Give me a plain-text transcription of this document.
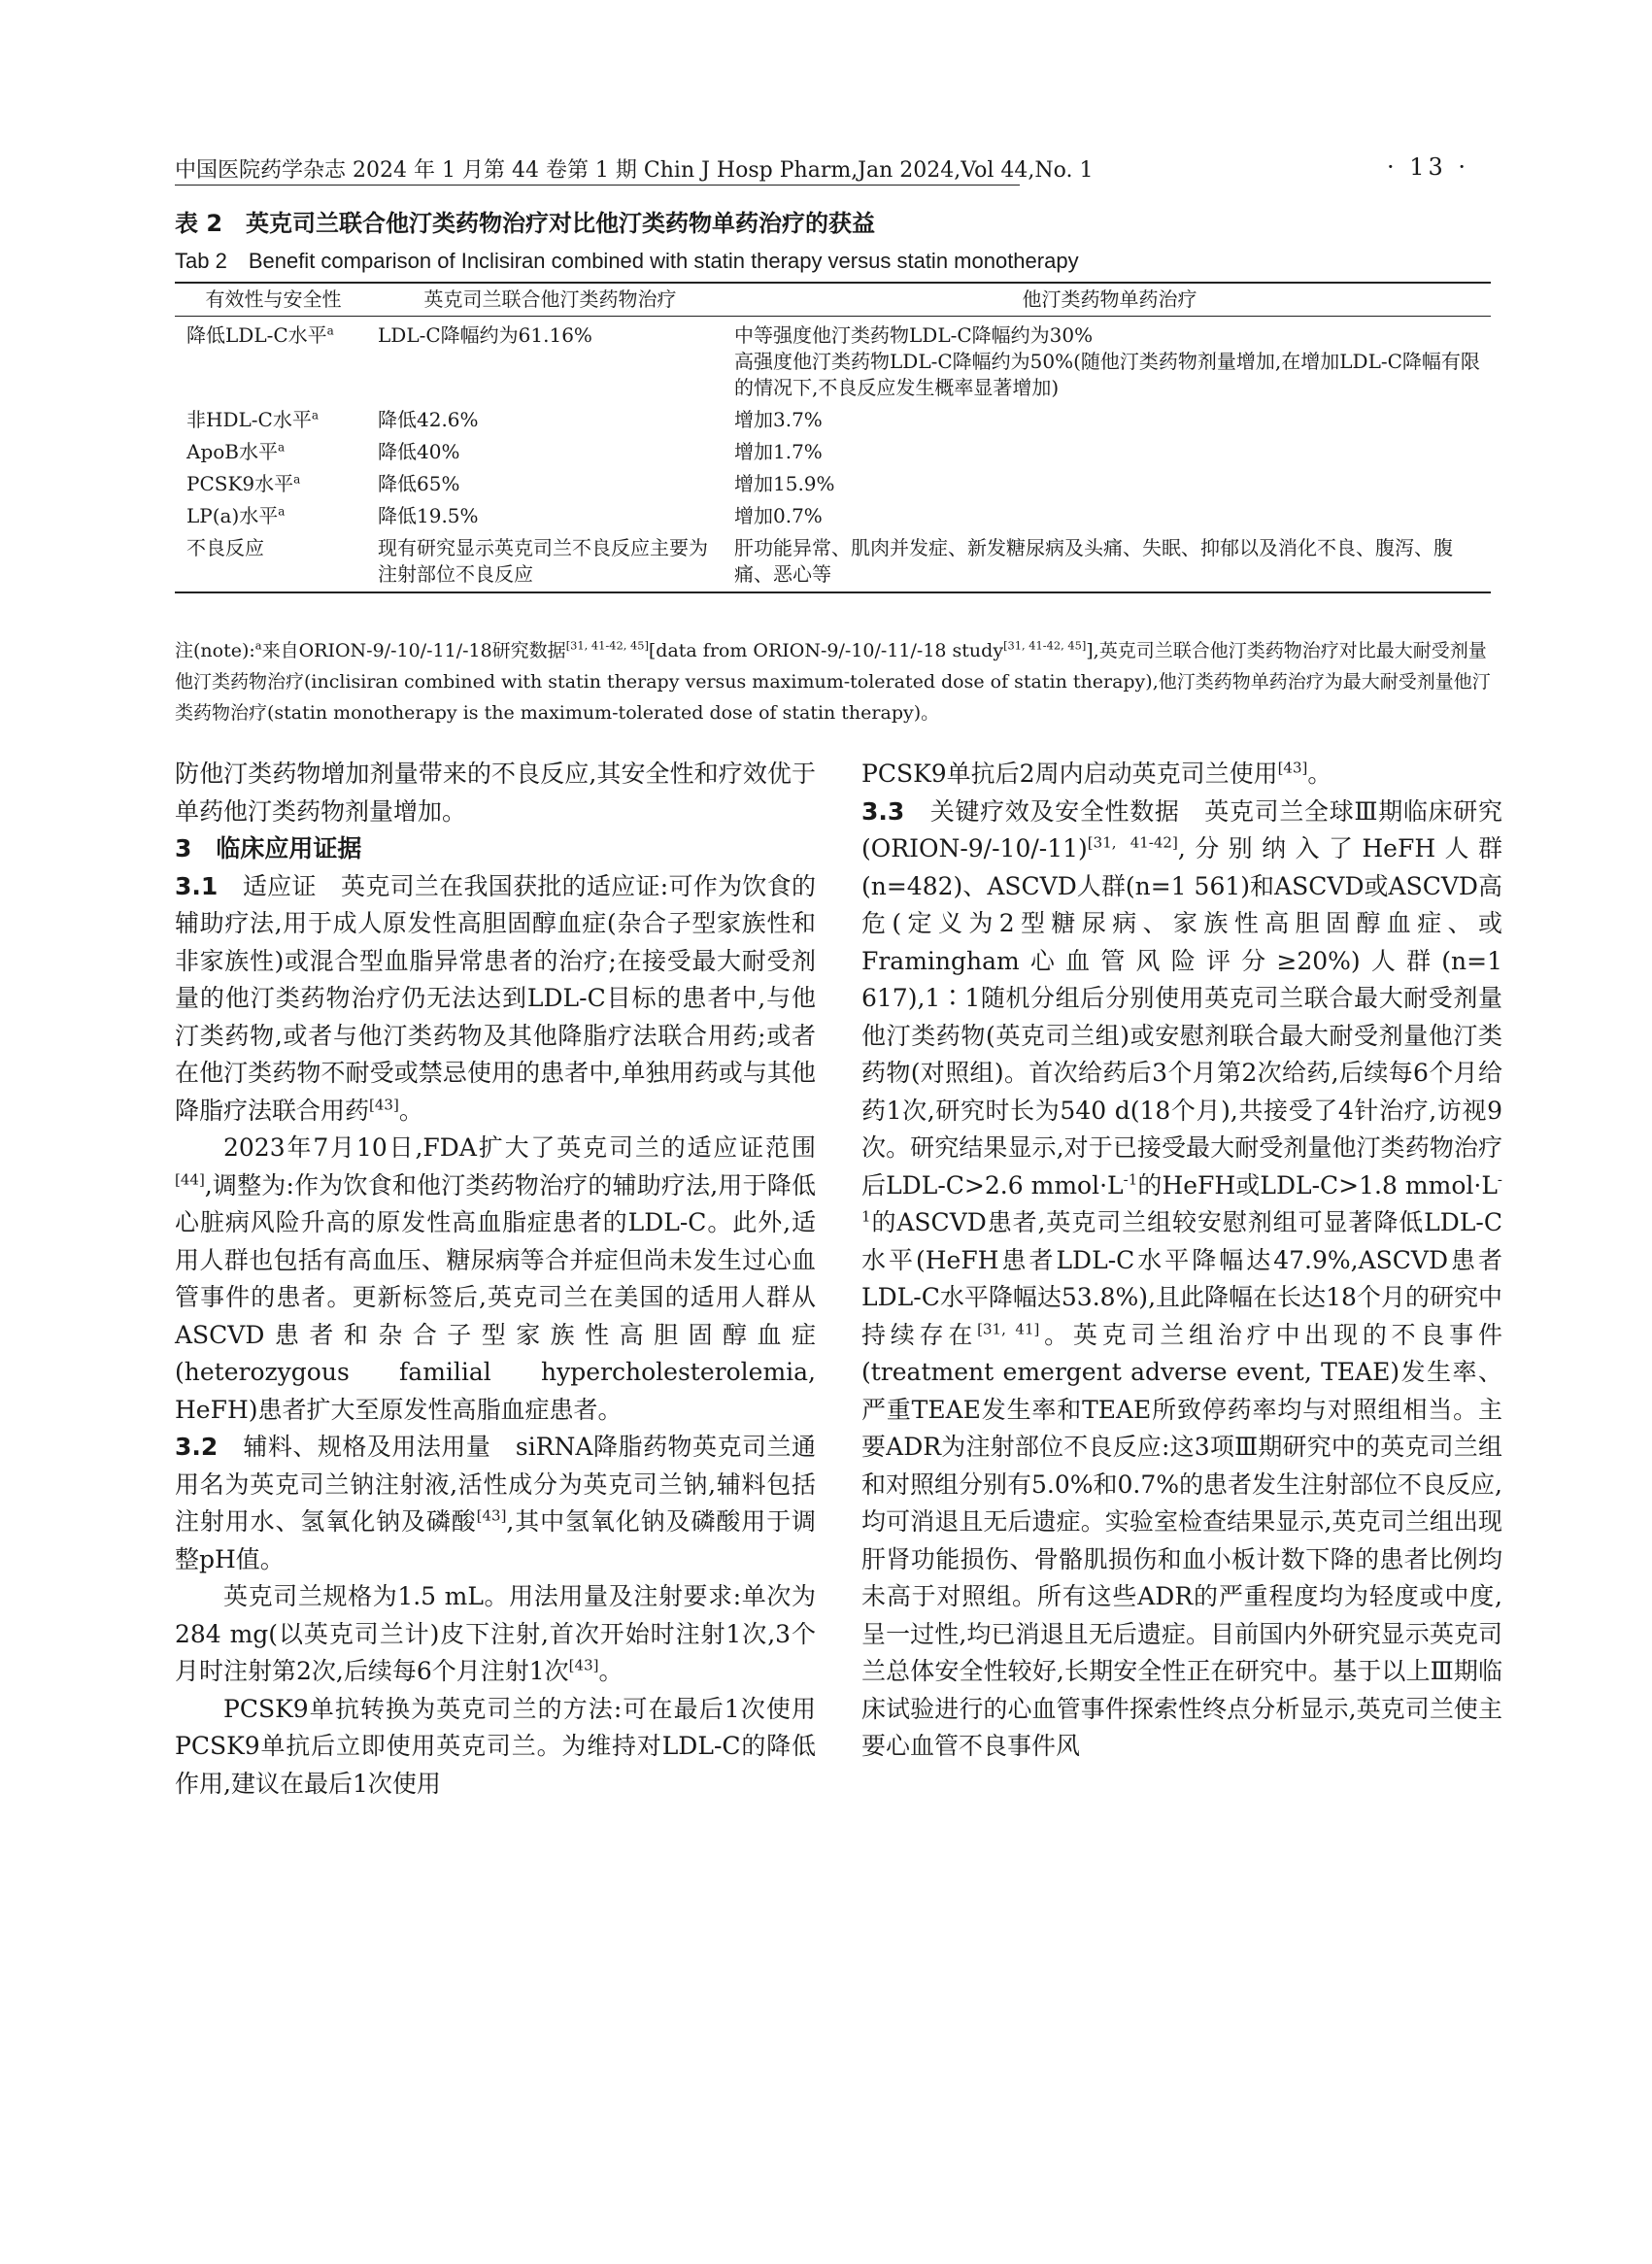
中国医院药学杂志 2024 年 1 月第 44 卷第 1 期 Chin J Hosp Pharm,Jan 2024,Vol 44,No. 1	· 13 ·
表 2　英克司兰联合他汀类药物治疗对比他汀类药物单药治疗的获益
Tab 2　Benefit comparison of Inclisiran combined with statin therapy versus statin monotherapy
有效性与安全性	英克司兰联合他汀类药物治疗	他汀类药物单药治疗
降低LDL-C水平$^a$	LDL-C降幅约为61.16%	中等强度他汀类药物LDL-C降幅约为30%
高强度他汀类药物LDL-C降幅约为50%(随他汀类药物剂量增加,在增加LDL-C降幅有限的情况下,不良反应发生概率显著增加)

非HDL-C水平$^a$	降低42.6%	增加3.7%
ApoB水平$^a$	降低40%	增加1.7%
PCSK9水平$^a$	降低65%	增加15.9%
LP(a)水平$^a$	降低19.5%	增加0.7%
不良反应	现有研究显示英克司兰不良反应主要为注射部位不良反应	肝功能异常、肌肉并发症、新发糖尿病及头痛、失眠、抑郁以及消化不良、腹泻、腹痛、恶心等
注(note):$^a$来自ORION-9/-10/-11/-18研究数据[31, 41-42, 45][data from ORION-9/-10/-11/-18 study[31, 41-42, 45]],英克司兰联合他汀类药物治疗对比最大耐受剂量他汀类药物治疗(inclisiran combined with statin therapy versus maximum-tolerated dose of statin therapy),他汀类药物单药治疗为最大耐受剂量他汀类药物治疗(statin monotherapy is the maximum-tolerated dose of statin therapy)。

防他汀类药物增加剂量带来的不良反应,其安全性和疗效优于单药他汀类药物剂量增加。

3　临床应用证据

3.1　 适应证　 英克司兰在我国获批的适应证:可作为饮食的辅助疗法,用于成人原发性高胆固醇血症(杂合子型家族性和非家族性)或混合型血脂异常患者的治疗;在接受最大耐受剂量的他汀类药物治疗仍无法达到LDL-C目标的患者中,与他汀类药物,或者与他汀类药物及其他降脂疗法联合用药;或者在他汀类药物不耐受或禁忌使用的患者中,单独用药或与其他降脂疗法联合用药[43]。

2023年7月10日,FDA扩大了英克司兰的适应证范围[44],调整为:作为饮食和他汀类药物治疗的辅助疗法,用于降低心脏病风险升高的原发性高血脂症患者的LDL-C。此外,适用人群也包括有高血压、糖尿病等合并症但尚未发生过心血管事件的患者。更新标签后,英克司兰在美国的适用人群从ASCVD患者和杂合子型家族性高胆固醇血症(heterozygous familial hypercholesterolemia, HeFH)患者扩大至原发性高脂血症患者。

3.2　 辅料、规格及用法用量　 siRNA降脂药物英克司兰通用名为英克司兰钠注射液,活性成分为英克司兰钠,辅料包括注射用水、氢氧化钠及磷酸[43],其中氢氧化钠及磷酸用于调整pH值。

英克司兰规格为1.5 mL。用法用量及注射要求:单次为284 mg(以英克司兰计)皮下注射,首次开始时注射1次,3个月时注射第2次,后续每6个月注射1次[43]。

PCSK9单抗转换为英克司兰的方法:可在最后1次使用PCSK9单抗后立即使用英克司兰。为维持对LDL-C的降低作用,建议在最后1次使用

PCSK9单抗后2周内启动英克司兰使用[43]。

3.3　 关键疗效及安全性数据　 英克司兰全球Ⅲ期临床研究(ORION-9/-10/-11)[31, 41-42],分别纳入了HeFH人群(n=482)、ASCVD人群(n=1 561)和ASCVD或ASCVD高危(定义为2型糖尿病、家族性高胆固醇血症、或Framingham心血管风险评分≥20%)人群(n=1 617),1∶1随机分组后分别使用英克司兰联合最大耐受剂量他汀类药物(英克司兰组)或安慰剂联合最大耐受剂量他汀类药物(对照组)。首次给药后3个月第2次给药,后续每6个月给药1次,研究时长为540 d(18个月),共接受了4针治疗,访视9次。研究结果显示,对于已接受最大耐受剂量他汀类药物治疗后LDL-C>2.6 $mmol\cdot L^{-1}$的HeFH或LDL-C>1.8 $mmol\cdot L^{-1}$的ASCVD患者,英克司兰组较安慰剂组可显著降低LDL-C水平(HeFH患者LDL-C水平降幅达47.9%,ASCVD患者LDL-C水平降幅达53.8%),且此降幅在长达18个月的研究中持续存在[31, 41]。英克司兰组治疗中出现的不良事件(treatment emergent adverse event, TEAE)发生率、严重TEAE发生率和TEAE所致停药率均与对照组相当。主要ADR为注射部位不良反应:这3项Ⅲ期研究中的英克司兰组和对照组分别有5.0%和0.7%的患者发生注射部位不良反应,均可消退且无后遗症。实验室检查结果显示,英克司兰组出现肝肾功能损伤、骨骼肌损伤和血小板计数下降的患者比例均未高于对照组。所有这些ADR的严重程度均为轻度或中度,呈一过性,均已消退且无后遗症。目前国内外研究显示英克司兰总体安全性较好,长期安全性正在研究中。基于以上Ⅲ期临床试验进行的心血管事件探索性终点分析显示,英克司兰使主要心血管不良事件风
